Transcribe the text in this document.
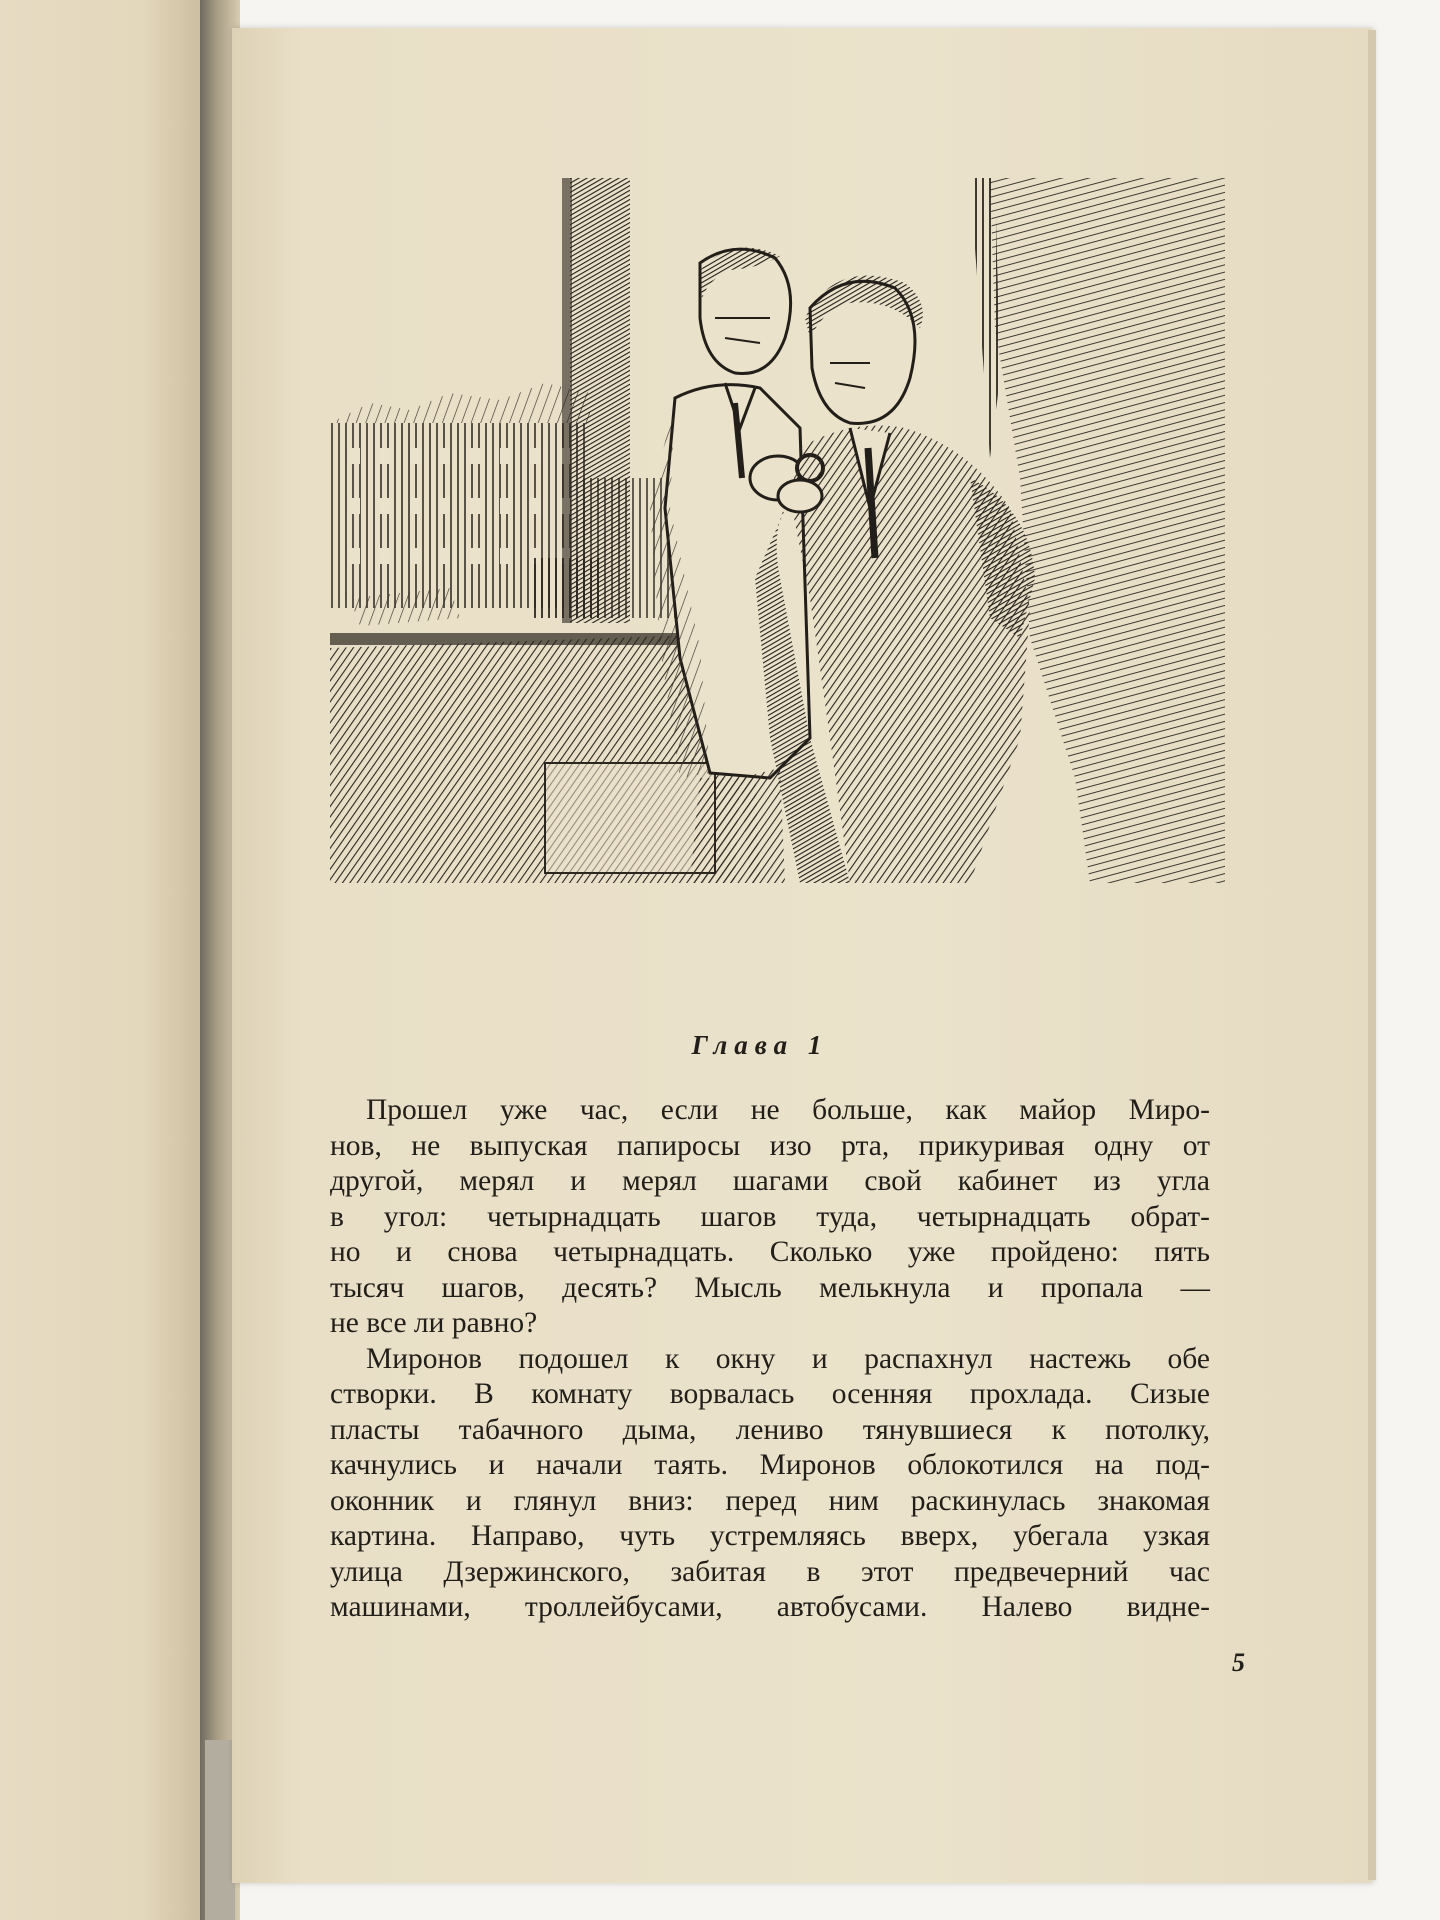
Глава 1
Прошел уже час, если не больше, как майор Миро-
нов, не выпуская папиросы изо рта, прикуривая одну от
другой, мерял и мерял шагами свой кабинет из угла
в угол: четырнадцать шагов туда, четырнадцать обрат-
но и снова четырнадцать. Сколько уже пройдено: пять
тысяч шагов, десять? Мысль мелькнула и пропала —
не все ли равно?
Миронов подошел к окну и распахнул настежь обе
створки. В комнату ворвалась осенняя прохлада. Сизые
пласты табачного дыма, лениво тянувшиеся к потолку,
качнулись и начали таять. Миронов облокотился на под-
оконник и глянул вниз: перед ним раскинулась знакомая
картина. Направо, чуть устремляясь вверх, убегала узкая
улица Дзержинского, забитая в этот предвечерний час
машинами, троллейбусами, автобусами. Налево видне-
5
